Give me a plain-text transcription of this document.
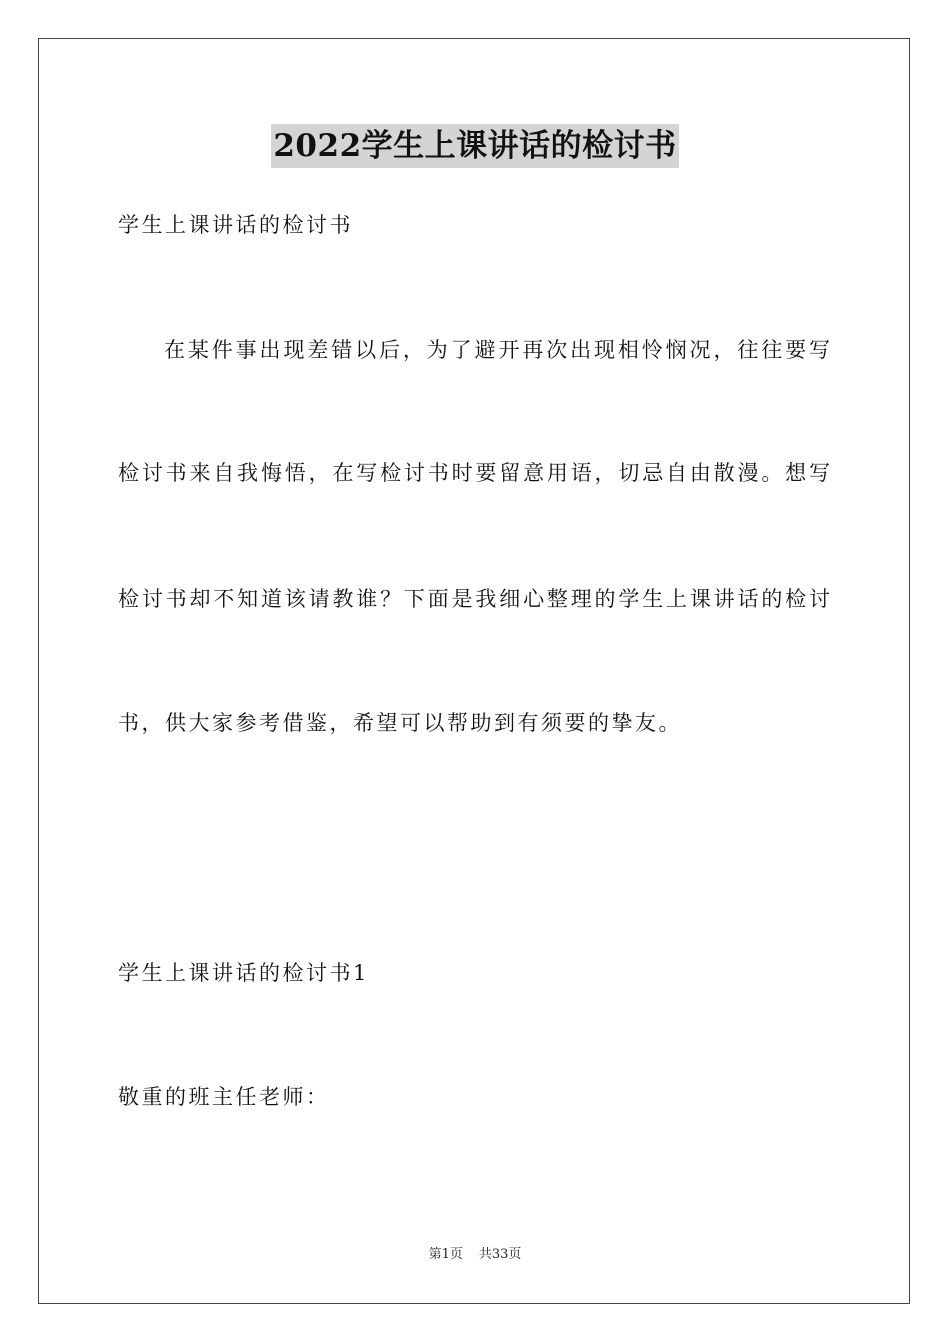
2022学生上课讲话的检讨书

学生上课讲话的检讨书

在某件事出现差错以后，为了避开再次出现相怜悯况，往往要写

检讨书来自我悔悟，在写检讨书时要留意用语，切忌自由散漫。想写

检讨书却不知道该请教谁？下面是我细心整理的学生上课讲话的检讨

书，供大家参考借鉴，希望可以帮助到有须要的挚友。

学生上课讲话的检讨书1

敬重的班主任老师：

第1页 共33页
